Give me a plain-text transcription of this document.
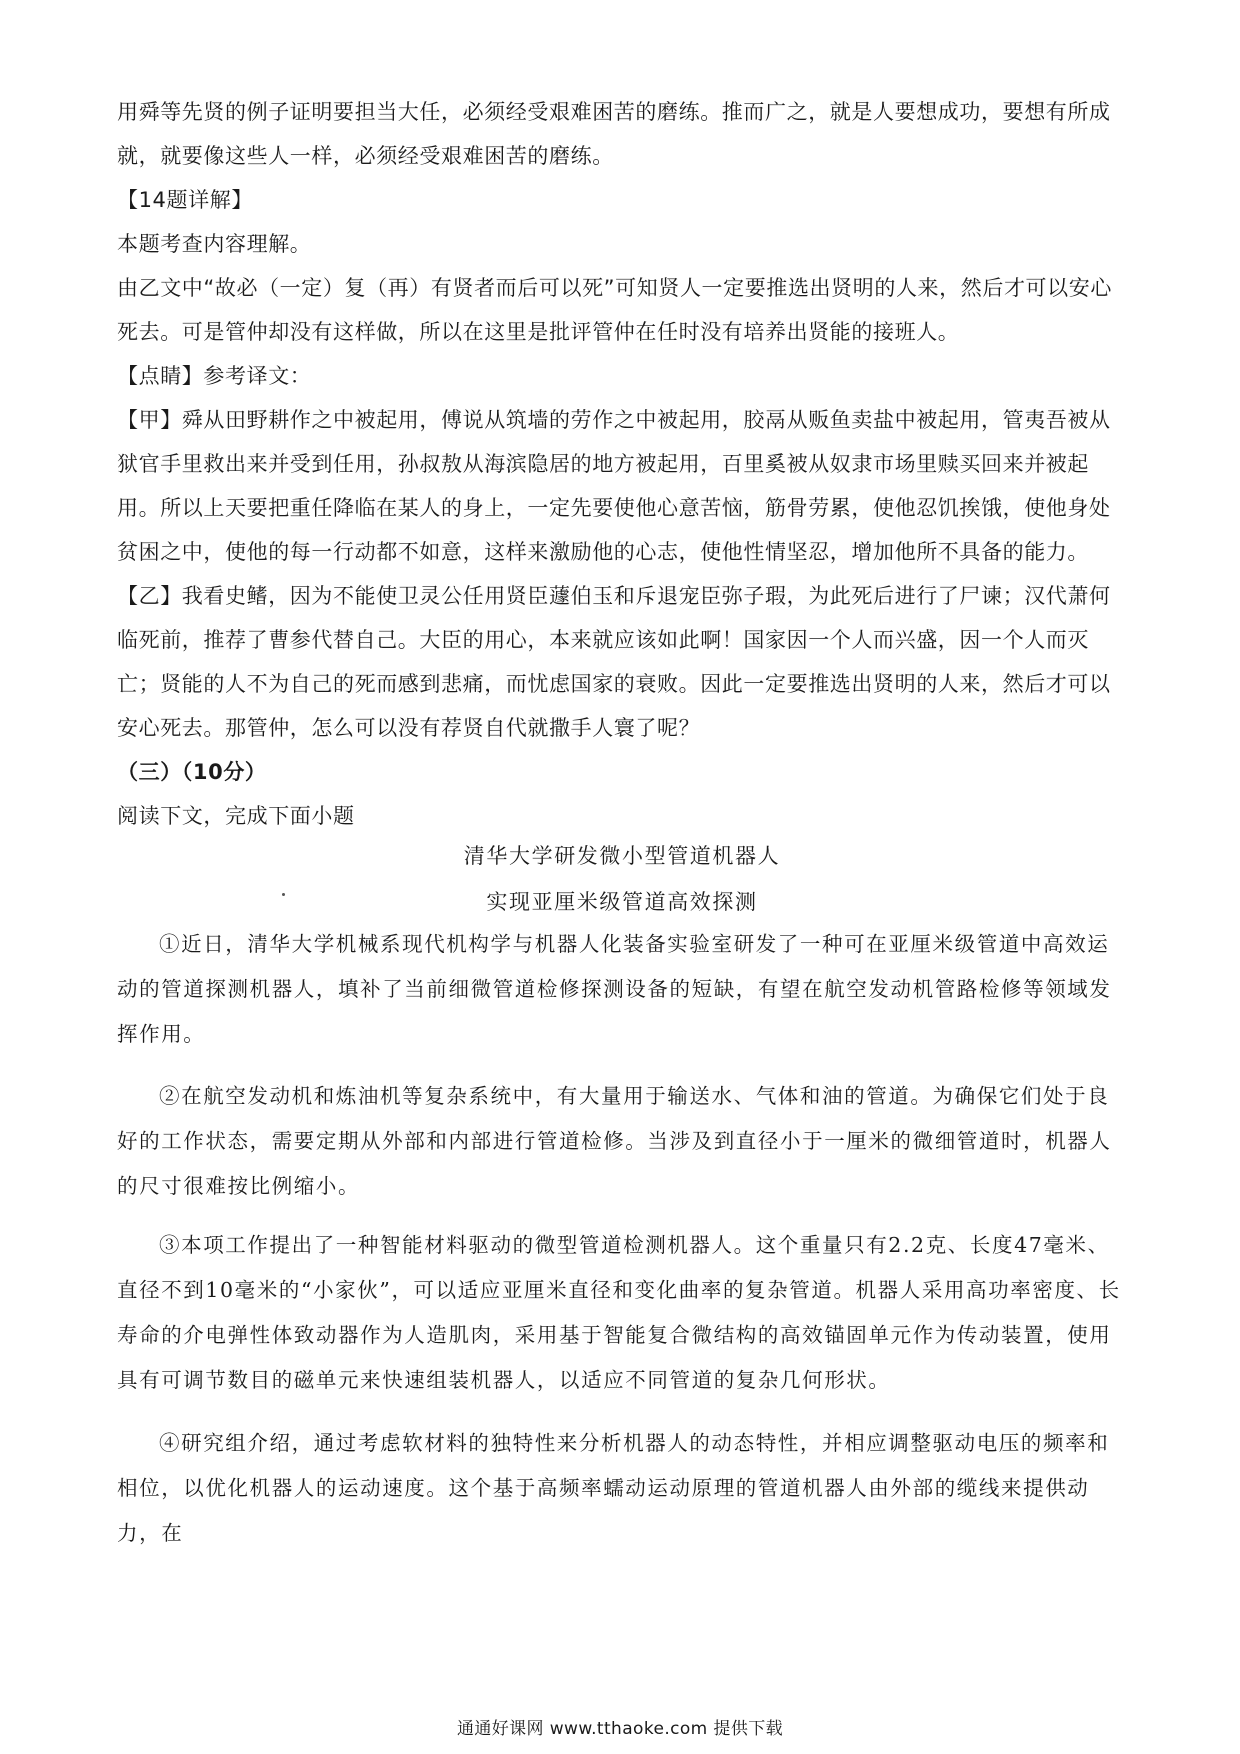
用舜等先贤的例子证明要担当大任，必须经受艰难困苦的磨练。推而广之，就是人要想成功，要想有所成就，就要像这些人一样，必须经受艰难困苦的磨练。

【14题详解】

本题考查内容理解。

由乙文中“故必（一定）复（再）有贤者而后可以死”可知贤人一定要推选出贤明的人来，然后才可以安心死去。可是管仲却没有这样做，所以在这里是批评管仲在任时没有培养出贤能的接班人。

【点睛】参考译文：

【甲】舜从田野耕作之中被起用，傅说从筑墙的劳作之中被起用，胶鬲从贩鱼卖盐中被起用，管夷吾被从狱官手里救出来并受到任用，孙叔敖从海滨隐居的地方被起用，百里奚被从奴隶市场里赎买回来并被起用。所以上天要把重任降临在某人的身上，一定先要使他心意苦恼，筋骨劳累，使他忍饥挨饿，使他身处贫困之中，使他的每一行动都不如意，这样来激励他的心志，使他性情坚忍，增加他所不具备的能力。

【乙】我看史鳍，因为不能使卫灵公任用贤臣蘧伯玉和斥退宠臣弥子瑕，为此死后进行了尸谏；汉代萧何临死前，推荐了曹参代替自己。大臣的用心，本来就应该如此啊！国家因一个人而兴盛，因一个人而灭亡；贤能的人不为自己的死而感到悲痛，而忧虑国家的衰败。因此一定要推选出贤明的人来，然后才可以安心死去。那管仲，怎么可以没有荐贤自代就撒手人寰了呢？

（三）（10分）

阅读下文，完成下面小题

清华大学研发微小型管道机器人

实现亚厘米级管道高效探测

①近日，清华大学机械系现代机构学与机器人化装备实验室研发了一种可在亚厘米级管道中高效运动的管道探测机器人，填补了当前细微管道检修探测设备的短缺，有望在航空发动机管路检修等领域发挥作用。

②在航空发动机和炼油机等复杂系统中，有大量用于输送水、气体和油的管道。为确保它们处于良好的工作状态，需要定期从外部和内部进行管道检修。当涉及到直径小于一厘米的微细管道时，机器人的尺寸很难按比例缩小。

③本项工作提出了一种智能材料驱动的微型管道检测机器人。这个重量只有2.2克、长度47毫米、直径不到10毫米的“小家伙”，可以适应亚厘米直径和变化曲率的复杂管道。机器人采用高功率密度、长寿命的介电弹性体致动器作为人造肌肉，采用基于智能复合微结构的高效锚固单元作为传动装置，使用具有可调节数目的磁单元来快速组装机器人，以适应不同管道的复杂几何形状。

④研究组介绍，通过考虑软材料的独特性来分析机器人的动态特性，并相应调整驱动电压的频率和相位，以优化机器人的运动速度。这个基于高频率蠕动运动原理的管道机器人由外部的缆线来提供动力，在

通通好课网 www.tthaoke.com 提供下载
